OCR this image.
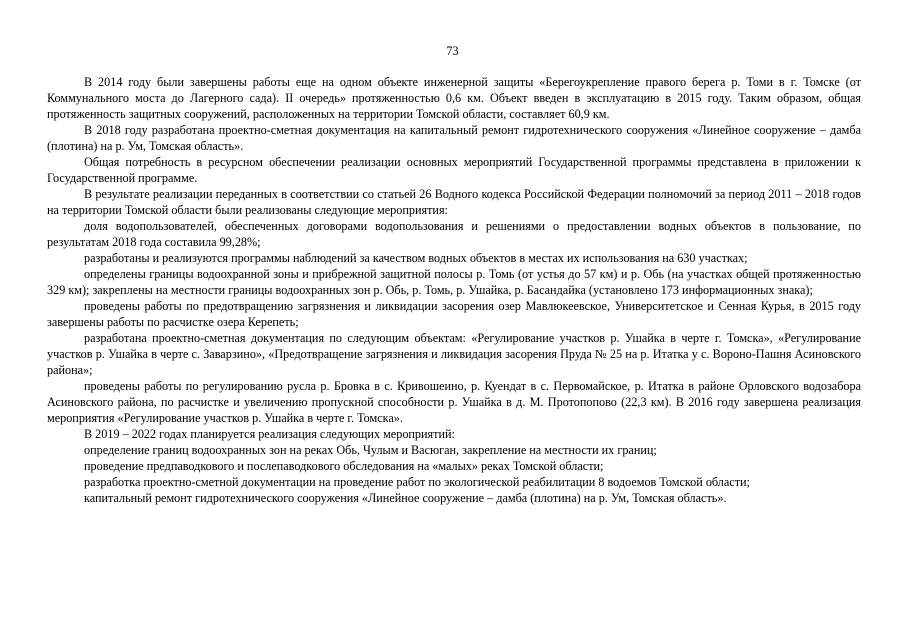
73

В 2014 году были завершены работы еще на одном объекте инженерной защиты «Берегоукрепление правого берега р. Томи в г. Томске (от Коммунального моста до Лагерного сада). II очередь» протяженностью 0,6 км. Объект введен в эксплуатацию в 2015 году. Таким образом, общая протяженность защитных сооружений, расположенных на территории Томской области, составляет 60,9 км.

В 2018 году разработана проектно-сметная документация на капитальный ремонт гидротехнического сооружения «Линейное сооружение – дамба (плотина) на р. Ум, Томская область».

Общая потребность в ресурсном обеспечении реализации основных мероприятий Государственной программы представлена в приложении к Государственной программе.

В результате реализации переданных в соответствии со статьей 26 Водного кодекса Российской Федерации полномочий за период 2011 – 2018 годов на территории Томской области были реализованы следующие мероприятия:

доля водопользователей, обеспеченных договорами водопользования и решениями о предоставлении водных объектов в пользование, по результатам 2018 года составила 99,28%;

разработаны и реализуются программы наблюдений за качеством водных объектов в местах их использования на 630 участках;

определены границы водоохранной зоны и прибрежной защитной полосы р. Томь (от устья до 57 км) и р. Обь (на участках общей протяженностью 329 км); закреплены на местности границы водоохранных зон р. Обь, р. Томь, р. Ушайка, р. Басандайка (установлено 173 информационных знака);

проведены работы по предотвращению загрязнения и ликвидации засорения озер Мавлюкеевское, Университетское и Сенная Курья, в 2015 году завершены работы по расчистке озера Керепеть;

разработана проектно-сметная документация по следующим объектам: «Регулирование участков р. Ушайка в черте г. Томска», «Регулирование участков р. Ушайка в черте с. Заварзино», «Предотвращение загрязнения и ликвидация засорения Пруда № 25 на р. Итатка у с. Вороно-Пашня Асиновского района»;

проведены работы по регулированию русла р. Бровка в с. Кривошеино, р. Куендат в с. Первомайское, р. Итатка в районе Орловского водозабора Асиновского района, по расчистке и увеличению пропускной способности р. Ушайка в д. М. Протопопово (22,3 км). В 2016 году завершена реализация мероприятия «Регулирование участков р. Ушайка в черте г. Томска».

В 2019 – 2022 годах планируется реализация следующих мероприятий:

определение границ водоохранных зон на реках Обь, Чулым и Васюган, закрепление на местности их границ;

проведение предпаводкового и послепаводкового обследования на «малых» реках Томской области;

разработка проектно-сметной документации на проведение работ по экологической реабилитации 8 водоемов Томской области;

капитальный ремонт гидротехнического сооружения «Линейное сооружение – дамба (плотина) на р. Ум, Томская область».
